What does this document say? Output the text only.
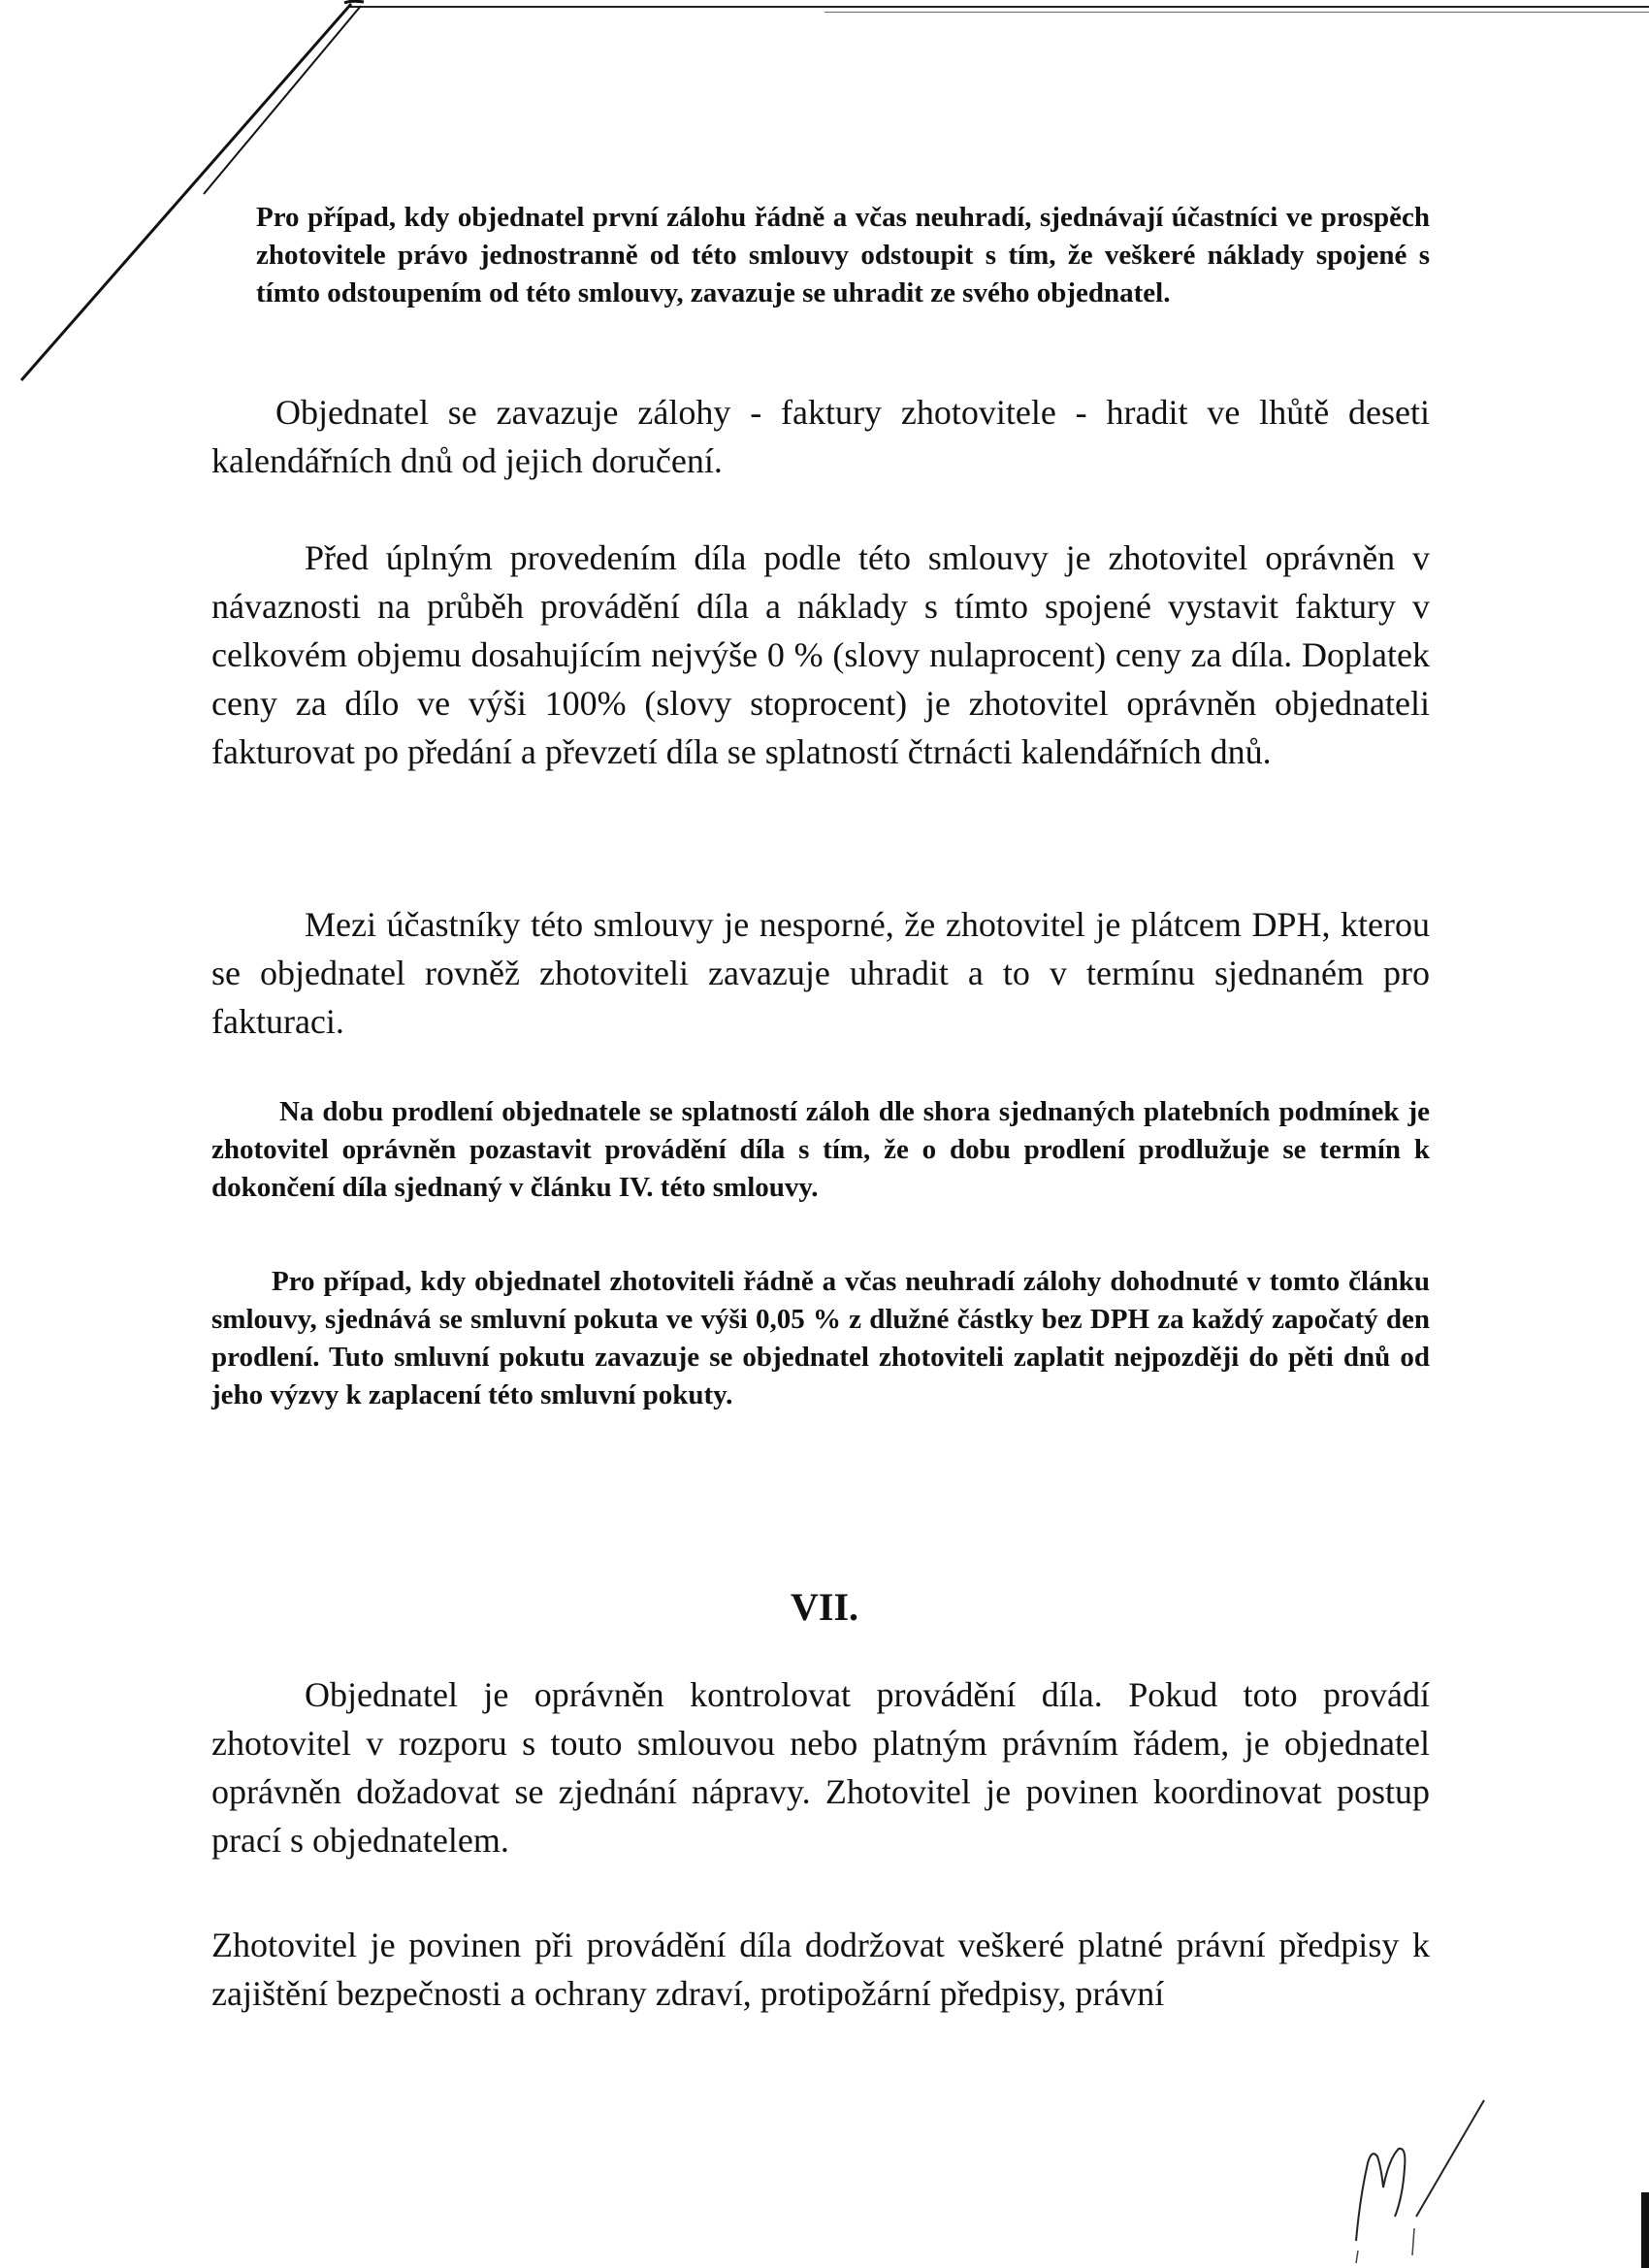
Pro případ, kdy objednatel první zálohu řádně a včas neuhradí, sjednávají účastníci ve prospěch zhotovitele právo jednostranně od této smlouvy odstoupit s tím, že veškeré náklady spojené s tímto odstoupením od této smlouvy, zavazuje se uhradit ze svého objednatel.

Objednatel se zavazuje zálohy - faktury zhotovitele - hradit ve lhůtě deseti kalendářních dnů od jejich doručení.

Před úplným provedením díla podle této smlouvy je zhotovitel oprávněn v návaznosti na průběh provádění díla a náklady s tímto spojené vystavit faktury v celkovém objemu dosahujícím nejvýše 0 % (slovy nulaprocent) ceny za díla. Doplatek ceny za dílo ve výši 100% (slovy stoprocent) je zhotovitel oprávněn objednateli fakturovat po předání a převzetí díla se splatností čtrnácti kalendářních dnů.

Mezi účastníky této smlouvy je nesporné, že zhotovitel je plátcem DPH, kterou se objednatel rovněž zhotoviteli zavazuje uhradit a to v termínu sjednaném pro fakturaci.

Na dobu prodlení objednatele se splatností záloh dle shora sjednaných platebních podmínek je zhotovitel oprávněn pozastavit provádění díla s tím, že o dobu prodlení prodlužuje se termín k dokončení díla sjednaný v článku IV. této smlouvy.

Pro případ, kdy objednatel zhotoviteli řádně a včas neuhradí zálohy dohodnuté v tomto článku smlouvy, sjednává se smluvní pokuta ve výši 0,05 % z dlužné částky bez DPH za každý započatý den prodlení. Tuto smluvní pokutu zavazuje se objednatel zhotoviteli zaplatit nejpozději do pěti dnů od jeho výzvy k zaplacení této smluvní pokuty.

VII.

Objednatel je oprávněn kontrolovat provádění díla. Pokud toto provádí zhotovitel v rozporu s touto smlouvou nebo platným právním řádem, je objednatel oprávněn dožadovat se zjednání nápravy. Zhotovitel je povinen koordinovat postup prací s objednatelem.

Zhotovitel je povinen při provádění díla dodržovat veškeré platné právní předpisy k zajištění bezpečnosti a ochrany zdraví, protipožární předpisy, právní
